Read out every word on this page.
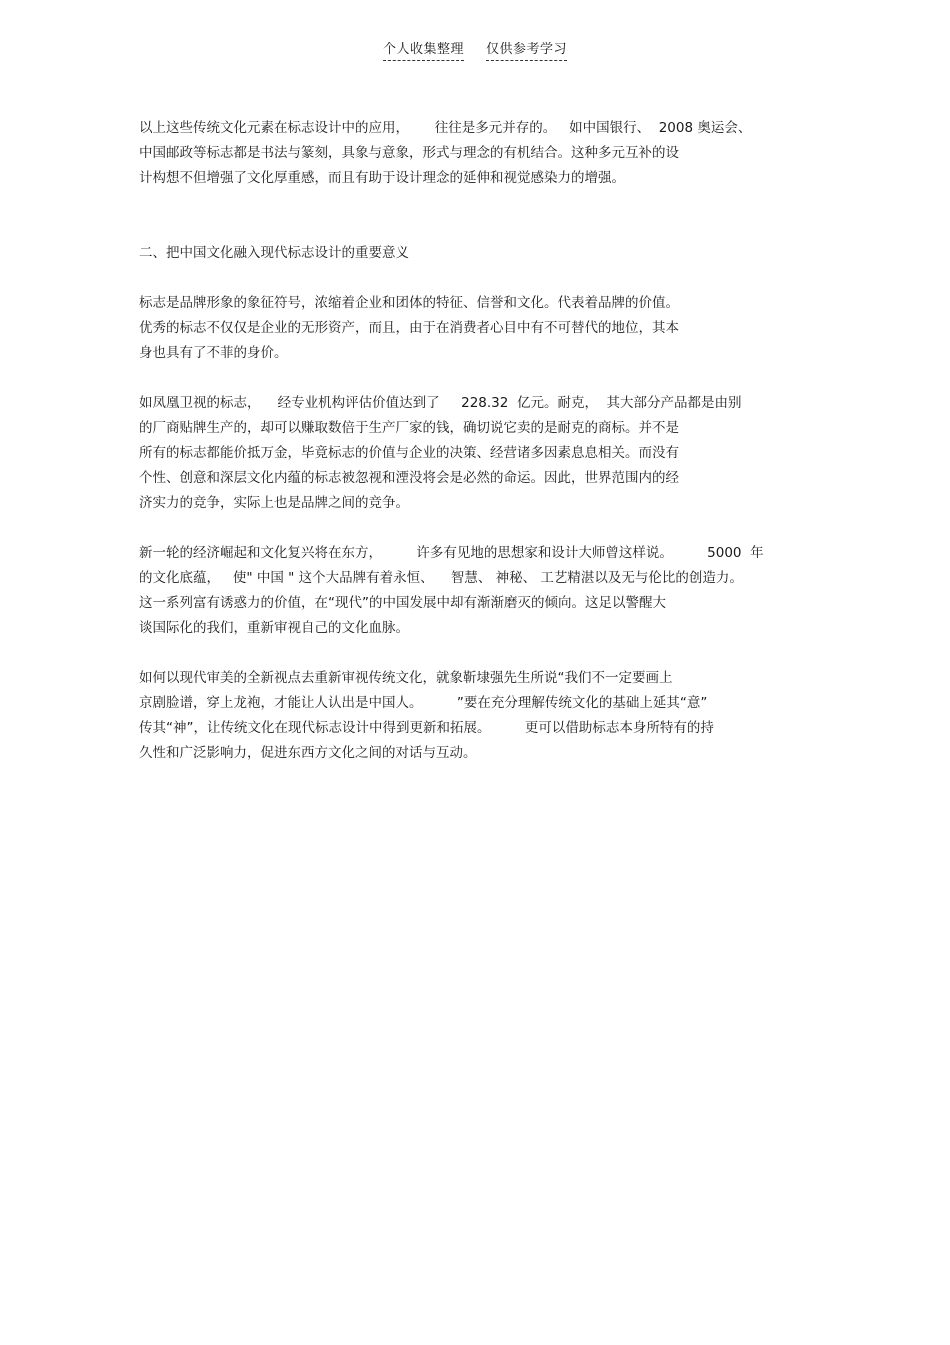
个人收集整理 仅供参考学习
以上这些传统文化元素在标志设计中的应用，      往往是多元并存的。   如中国银行、  2008 奥运会、
中国邮政等标志都是书法与篆刻，具象与意象，形式与理念的有机结合。这种多元互补的设
计构想不但增强了文化厚重感，而且有助于设计理念的延伸和视觉感染力的增强。
二、把中国文化融入现代标志设计的重要意义
标志是品牌形象的象征符号，浓缩着企业和团体的特征、信誉和文化。代表着品牌的价值。
优秀的标志不仅仅是企业的无形资产，而且，由于在消费者心目中有不可替代的地位，其本
身也具有了不菲的身价。
如凤凰卫视的标志，    经专业机构评估价值达到了     228.32  亿元。耐克，  其大部分产品都是由别
的厂商贴牌生产的，却可以赚取数倍于生产厂家的钱，确切说它卖的是耐克的商标。并不是
所有的标志都能价抵万金，毕竟标志的价值与企业的决策、经营诸多因素息息相关。而没有
个性、创意和深层文化内蕴的标志被忽视和湮没将会是必然的命运。因此，世界范围内的经
济实力的竞争，实际上也是品牌之间的竞争。
新一轮的经济崛起和文化复兴将在东方，        许多有见地的思想家和设计大师曾这样说。        5000  年
的文化底蕴，   使" 中国 " 这个大品牌有着永恒、    智慧、 神秘、 工艺精湛以及无与伦比的创造力。
这一系列富有诱惑力的价值，在“现代”的中国发展中却有渐渐磨灭的倾向。这足以警醒大
谈国际化的我们，重新审视自己的文化血脉。
如何以现代审美的全新视点去重新审视传统文化，就象靳埭强先生所说“我们不一定要画上
京剧脸谱，穿上龙袍，才能让人认出是中国人。        ”要在充分理解传统文化的基础上延其“意”
传其“神”，让传统文化在现代标志设计中得到更新和拓展。        更可以借助标志本身所特有的持
久性和广泛影响力，促进东西方文化之间的对话与互动。
